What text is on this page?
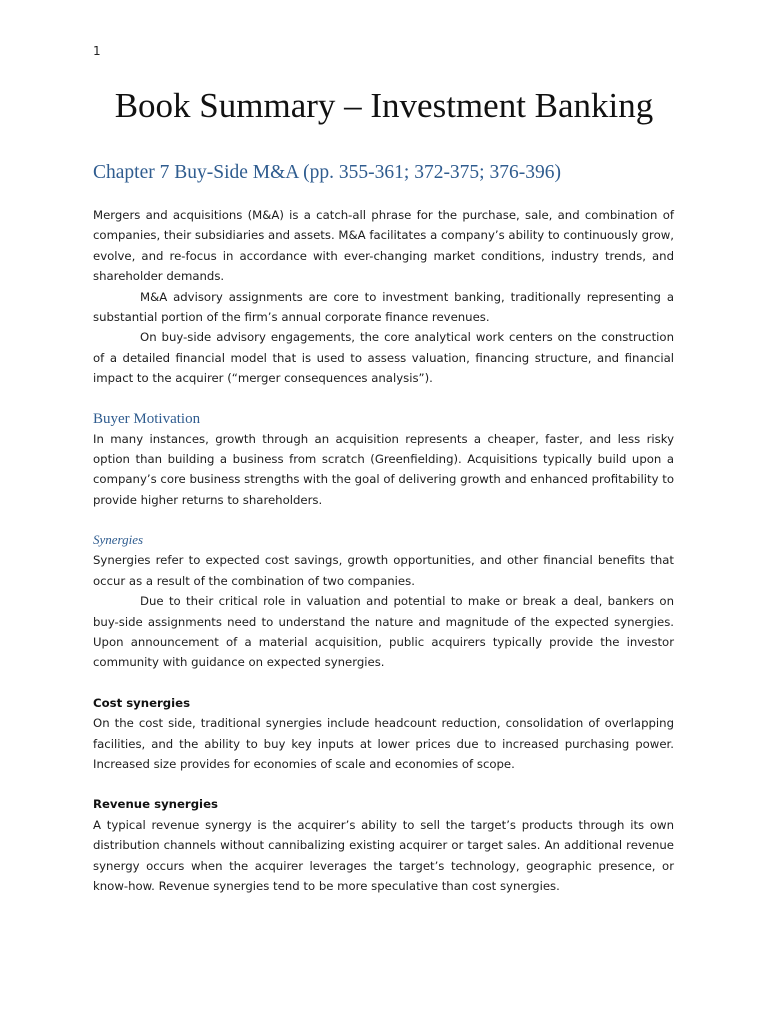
1
Book Summary – Investment Banking
Chapter 7 Buy-Side M&A (pp. 355-361; 372-375; 376-396)

Mergers and acquisitions (M&A) is a catch-all phrase for the purchase, sale, and combination of companies, their subsidiaries and assets. M&A facilitates a company’s ability to continuously grow, evolve, and re-focus in accordance with ever-changing market conditions, industry trends, and shareholder demands.

M&A advisory assignments are core to investment banking, traditionally representing a substantial portion of the firm’s annual corporate finance revenues.

On buy-side advisory engagements, the core analytical work centers on the construction of a detailed financial model that is used to assess valuation, financing structure, and financial impact to the acquirer (“merger consequences analysis”).

Buyer Motivation

In many instances, growth through an acquisition represents a cheaper, faster, and less risky option than building a business from scratch (Greenfielding). Acquisitions typically build upon a company’s core business strengths with the goal of delivering growth and enhanced profitability to provide higher returns to shareholders.

Synergies

Synergies refer to expected cost savings, growth opportunities, and other financial benefits that occur as a result of the combination of two companies.

Due to their critical role in valuation and potential to make or break a deal, bankers on buy-side assignments need to understand the nature and magnitude of the expected synergies. Upon announcement of a material acquisition, public acquirers typically provide the investor community with guidance on expected synergies.

Cost synergies

On the cost side, traditional synergies include headcount reduction, consolidation of overlapping facilities, and the ability to buy key inputs at lower prices due to increased purchasing power. Increased size provides for economies of scale and economies of scope.

Revenue synergies

A typical revenue synergy is the acquirer’s ability to sell the target’s products through its own distribution channels without cannibalizing existing acquirer or target sales. An additional revenue synergy occurs when the acquirer leverages the target’s technology, geographic presence, or know-how. Revenue synergies tend to be more speculative than cost synergies.
